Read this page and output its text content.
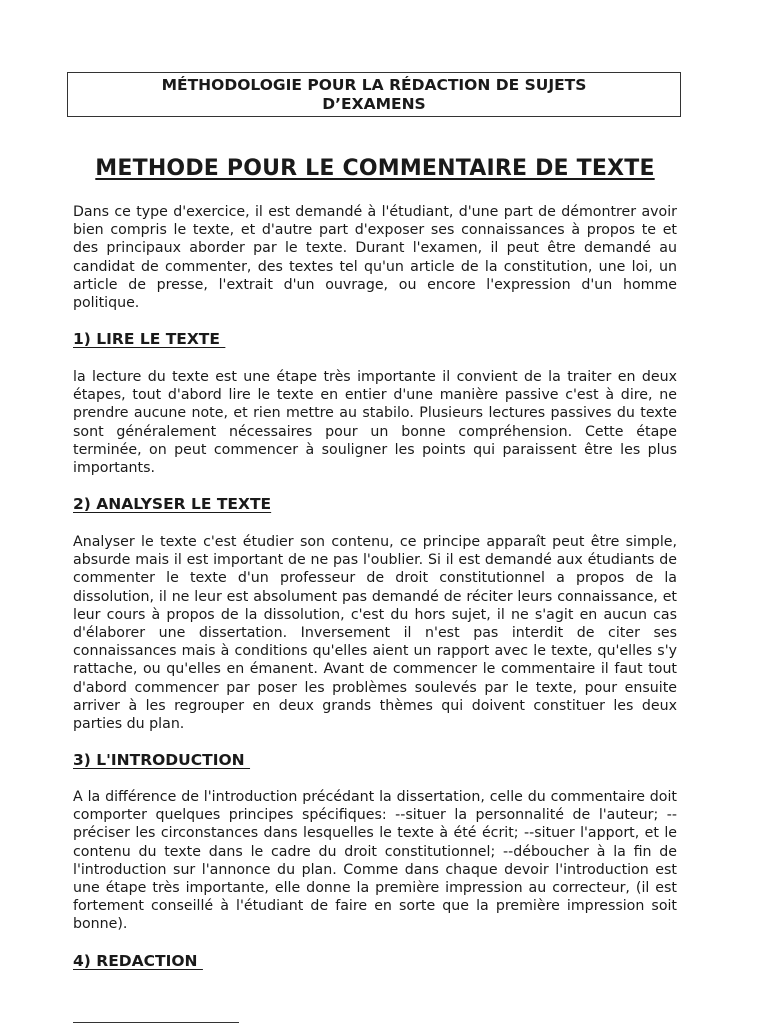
MÉTHODOLOGIE POUR LA RÉDACTION DE SUJETS
D’EXAMENS
METHODE POUR LE COMMENTAIRE DE TEXTE

Dans ce type d'exercice, il est demandé à l'étudiant, d'une part de démontrer avoir bien compris le texte, et d'autre part d'exposer ses connaissances à propos te et des principaux aborder par le texte. Durant l'examen, il peut être demandé au candidat de commenter, des textes tel qu'un article de la constitution, une loi, un article de presse, l'extrait d'un ouvrage, ou encore l'expression d'un homme politique.

1) LIRE LE TEXTE

la lecture du texte est une étape très importante il convient de la traiter en deux étapes, tout d'abord lire le texte en entier d'une manière passive c'est à dire, ne prendre aucune note, et rien mettre au stabilo. Plusieurs lectures passives du texte sont généralement nécessaires pour un bonne compréhension. Cette étape terminée, on peut commencer à souligner les points qui paraissent être les plus importants.

2) ANALYSER LE TEXTE

Analyser le texte c'est étudier son contenu, ce principe apparaît peut être simple, absurde mais il est important de ne pas l'oublier. Si il est demandé aux étudiants de commenter le texte d'un professeur de droit constitutionnel a propos de la dissolution, il ne leur est absolument pas demandé de réciter leurs connaissance, et leur cours à propos de la dissolution, c'est du hors sujet, il ne s'agit en aucun cas d'élaborer une dissertation. Inversement il n'est pas interdit de citer ses connaissances mais à conditions qu'elles aient un rapport avec le texte, qu'elles s'y rattache, ou qu'elles en émanent. Avant de commencer le commentaire il faut tout d'abord commencer par poser les problèmes soulevés par le texte, pour ensuite arriver à les regrouper en deux grands thèmes qui doivent constituer les deux parties du plan.

3) L'INTRODUCTION

A la différence de l'introduction précédant la dissertation, celle du commentaire doit comporter quelques principes spécifiques: --situer la personnalité de l'auteur; --préciser les circonstances dans lesquelles le texte à été écrit; --situer l'apport, et le contenu du texte dans le cadre du droit constitutionnel; --déboucher à la fin de l'introduction sur l'annonce du plan. Comme dans chaque devoir l'introduction est une étape très importante, elle donne la première impression au correcteur, (il est fortement conseillé à l'étudiant de faire en sorte que la première impression soit bonne).

4) REDACTION
